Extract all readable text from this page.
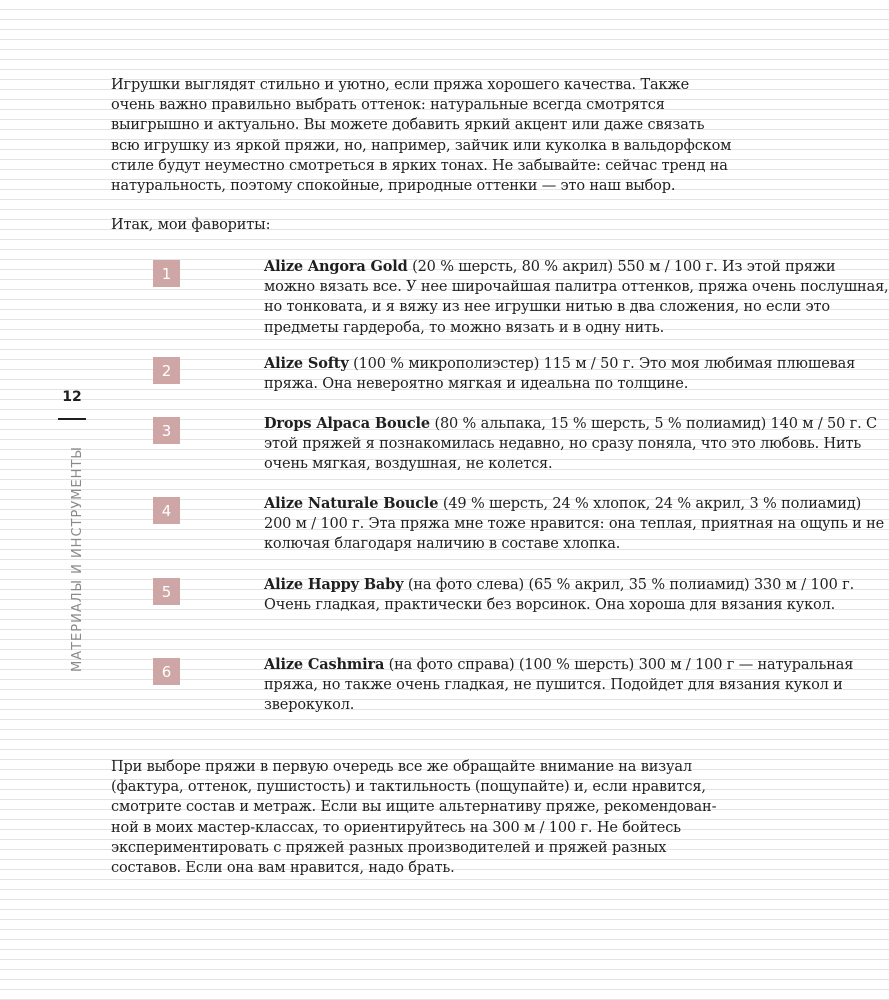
12
МАТЕРИАЛЫ И ИНСТРУМЕНТЫ

Игрушки выглядят стильно и уютно, если пряжа хорошего качества. Также очень важно правильно выбрать оттенок: натуральные всегда смотрятся выигрышно и актуально. Вы можете добавить яркий акцент или даже связать всю игрушку из яркой пряжи, но, например, зайчик или куколка в вальдорфском стиле будут неуместно смотреться в ярких тонах. Не забывайте: сейчас тренд на натуральность, поэтому спокойные, природные оттенки — это наш выбор.

Итак, мои фавориты:

1	Alize Angora Gold (20 % шерсть, 80 % акрил) 550 м / 100 г. Из этой пряжи можно вязать все. У нее широчайшая палитра оттенков, пряжа очень послушная, но тонковата, и я вяжу из нее игрушки нитью в два сложения, но если это предметы гардероба, то можно вязать и в одну нить.

2	Alize Softy (100 % микрополиэстер) 115 м / 50 г. Это моя любимая плюшевая пряжа. Она невероятно мягкая и идеальна по толщине.

3	Drops Alpaca Boucle (80 % альпака, 15 % шерсть, 5 % полиамид) 140 м / 50 г. С этой пряжей я познакомилась недавно, но сразу поняла, что это любовь. Нить очень мягкая, воздушная, не колется.

4	Alize Naturale Boucle (49 % шерсть, 24 % хлопок, 24 % акрил, 3 % полиамид) 200 м / 100 г. Эта пряжа мне тоже нравится: она теплая, приятная на ощупь и не колючая благодаря наличию в составе хлопка.

5	Alize Happy Baby (на фото слева) (65 % акрил, 35 % полиамид) 330 м / 100 г. Очень гладкая, практически без ворсинок. Она хороша для вязания кукол.

6	Alize Cashmira (на фото справа) (100 % шерсть) 300 м / 100 г — натуральная пряжа, но также очень гладкая, не пушится. Подойдет для вязания кукол и зверокукол.

При выборе пряжи в первую очередь все же обращайте внимание на визуал (фактура, оттенок, пушистость) и тактильность (пощупайте) и, если нравится, смотрите состав и метраж. Если вы ищите альтернативу пряже, рекомендованной в моих мастер-классах, то ориентируйтесь на 300 м / 100 г. Не бойтесь экспериментировать с пряжей разных производителей и пряжей разных составов. Если она вам нравится, надо брать.
